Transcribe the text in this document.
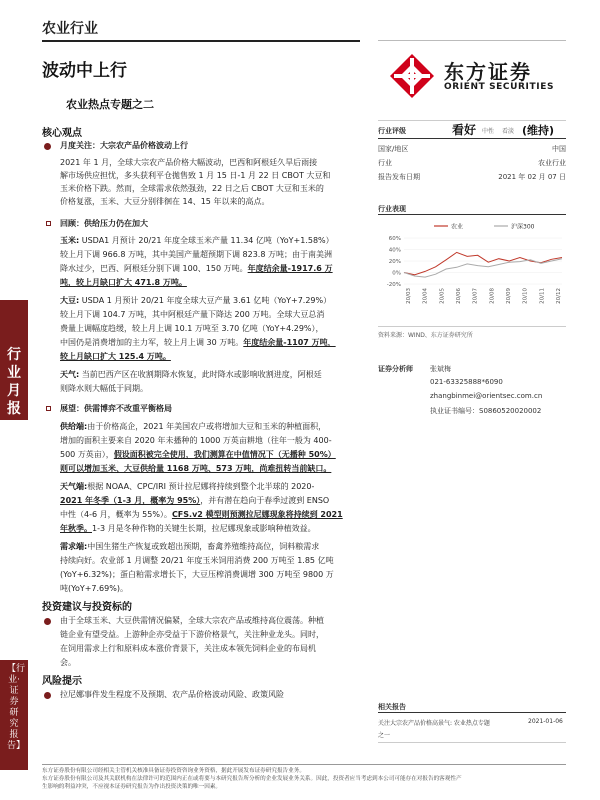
农业行业
波动中上行
农业热点专题之二
东方证券
ORIENT SECURITIES
行业月报
【行业·证券研究报告】
核心观点
月度关注：大宗农产品价格波动上行
2021 年 1 月，全球大宗农产品价格大幅波动，巴西和阿根廷久旱后雨接
解市场供应担忧，多头获利平仓拋售致 1 月 15 日-1 月 22 日 CBOT 大豆和
玉米价格下跌。然而，全球需求依然强劲，22 日之后 CBOT 大豆和玉米的
价格复涨，玉米、大豆分别徘徊在 14、15 年以来的高点。
回顾：供给压力仍在加大
玉米: USDA1 月预计 20/21 年度全球玉米产量 11.34 亿吨（YoY+1.58%）
较上月下调 966.8 万吨，其中美国产量超预期下调 823.8 万吨；由于南美洲
降水过少，巴西、阿根廷分别下调 100、150 万吨。年度结余量-1917.6 万
吨，较上月缺口扩大 471.8 万吨。
大豆: USDA 1 月预计 20/21 年度全球大豆产量 3.61 亿吨（YoY+7.29%）
较上月下调 104.7 万吨，其中阿根廷产量下降达 200 万吨。全球大豆总消
费量上调幅度趋缓，较上月上调 10.1 万吨至 3.70 亿吨（YoY+4.29%），
中国仍是消费增加的主力军，较上月上调 30 万吨。年度结余量-1107 万吨，
较上月缺口扩大 125.4 万吨。
天气: 当前巴西产区在收割期降水恢复，此时降水或影响收割进度，阿根廷
则降水则大幅低于同期。
展望：供需博弈不改重平衡格局
供给端:由于价格高企，2021 年美国农户或将增加大豆和玉米的种植面积，
增加的面积主要来自 2020 年未播种的 1000 万英亩耕地（往年一般为 400-
500 万英亩），假设面积被完全使用，我们测算在中值情况下（无播种 50%）
则可以增加玉米、大豆供给量 1168 万吨、573 万吨，尚难扭转当前缺口。
天气端:根据 NOAA、CPC/IRI 预计拉尼娜将持续到整个北半球的 2020-
2021 年冬季（1-3 月，概率为 95%），并有潜在趋向于春季过渡到 ENSO
中性（4-6 月，概率为 55%）。CFS.v2 模型则预测拉尼娜现象将持续到 2021
年秋季。1-3 月是冬种作物的关键生长期，拉尼娜现象或影响种植效益。
需求端:中国生猪生产恢复或致超出预期，畜禽养殖维持高位，饲料粮需求
持续向好。农业部 1 月调整 20/21 年度玉米饲用消费 200 万吨至 1.85 亿吨
(YoY+6.32%)；蛋白粕需求增长下，大豆压榨消费调增 300 万吨至 9800 万
吨(YoY+7.69%)。
投资建议与投资标的
由于全球玉米、大豆供需情况偏紧，全球大宗农产品或维持高位震荡。种植
链企业有望受益。上游种企亦受益于下游价格景气，关注种业龙头。同时，
在饲用需求上行和原料成本涨价背景下，关注成本领先饲料企业的布局机
会。
风险提示
拉尼娜事件发生程度不及预期、农产品价格波动风险、政策风险
行业评级	看好 中性 看淡 (维持)
国家/地区	中国
行业	农业行业
报告发布日期	2021 年 02 月 07 日
行业表现
农业	沪深300
60%
40%
20%
0%
-20%
20/03 20/04 20/05 20/06 20/07 20/08 20/09 20/10 20/11 20/12
资料来源：WIND、东方证券研究所
证券分析师 张斌梅
021-63325888*6090
zhangbinmei@orientsec.com.cn
执业证书编号：S0860520020002
相关报告
关注大宗农产品价格高景气: 农业热点专题	2021-01-06
之一
东方证券股份有限公司经相关主管机关核准具备证券投资咨询业务资格，据此开展发布证券研究报告业务。
东方证券股份有限公司及其关联机构在法律许可的范围内正在或将要与本研究报告所分析的企业发展业务关系。因此，投资者应当考虑到本公司可能存在对报告的客观性产
生影响的利益冲突，不应视本证券研究报告为作出投资决策的唯一因素。
